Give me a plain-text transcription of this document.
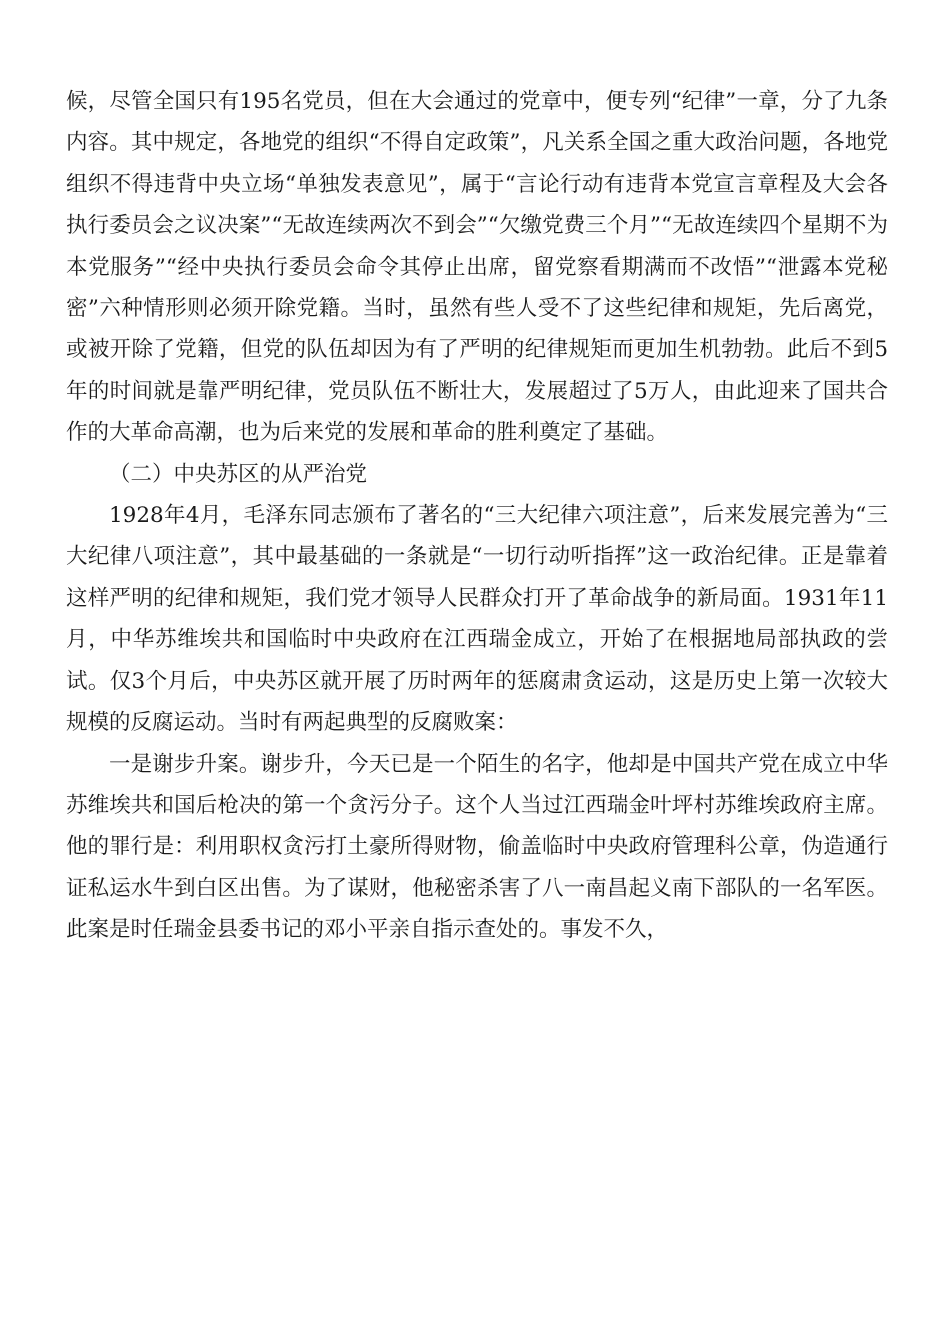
候，尽管全国只有195名党员，但在大会通过的党章中，便专列“纪律”一章，分了九条内容。其中规定，各地党的组织“不得自定政策”，凡关系全国之重大政治问题，各地党组织不得违背中央立场“单独发表意见”，属于“言论行动有违背本党宣言章程及大会各执行委员会之议决案”“无故连续两次不到会”“欠缴党费三个月”“无故连续四个星期不为本党服务”“经中央执行委员会命令其停止出席，留党察看期满而不改悟”“泄露本党秘密”六种情形则必须开除党籍。当时，虽然有些人受不了这些纪律和规矩，先后离党，或被开除了党籍，但党的队伍却因为有了严明的纪律规矩而更加生机勃勃。此后不到5年的时间就是靠严明纪律，党员队伍不断壮大，发展超过了5万人，由此迎来了国共合作的大革命高潮，也为后来党的发展和革命的胜利奠定了基础。

（二）中央苏区的从严治党

1928年4月，毛泽东同志颁布了著名的“三大纪律六项注意”，后来发展完善为“三大纪律八项注意”，其中最基础的一条就是“一切行动听指挥”这一政治纪律。正是靠着这样严明的纪律和规矩，我们党才领导人民群众打开了革命战争的新局面。1931年11月，中华苏维埃共和国临时中央政府在江西瑞金成立，开始了在根据地局部执政的尝试。仅3个月后，中央苏区就开展了历时两年的惩腐肃贪运动，这是历史上第一次较大规模的反腐运动。当时有两起典型的反腐败案：

一是谢步升案。谢步升，今天已是一个陌生的名字，他却是中国共产党在成立中华苏维埃共和国后枪决的第一个贪污分子。这个人当过江西瑞金叶坪村苏维埃政府主席。他的罪行是：利用职权贪污打土豪所得财物，偷盖临时中央政府管理科公章，伪造通行证私运水牛到白区出售。为了谋财，他秘密杀害了八一南昌起义南下部队的一名军医。 此案是时任瑞金县委书记的邓小平亲自指示查处的。事发不久，
